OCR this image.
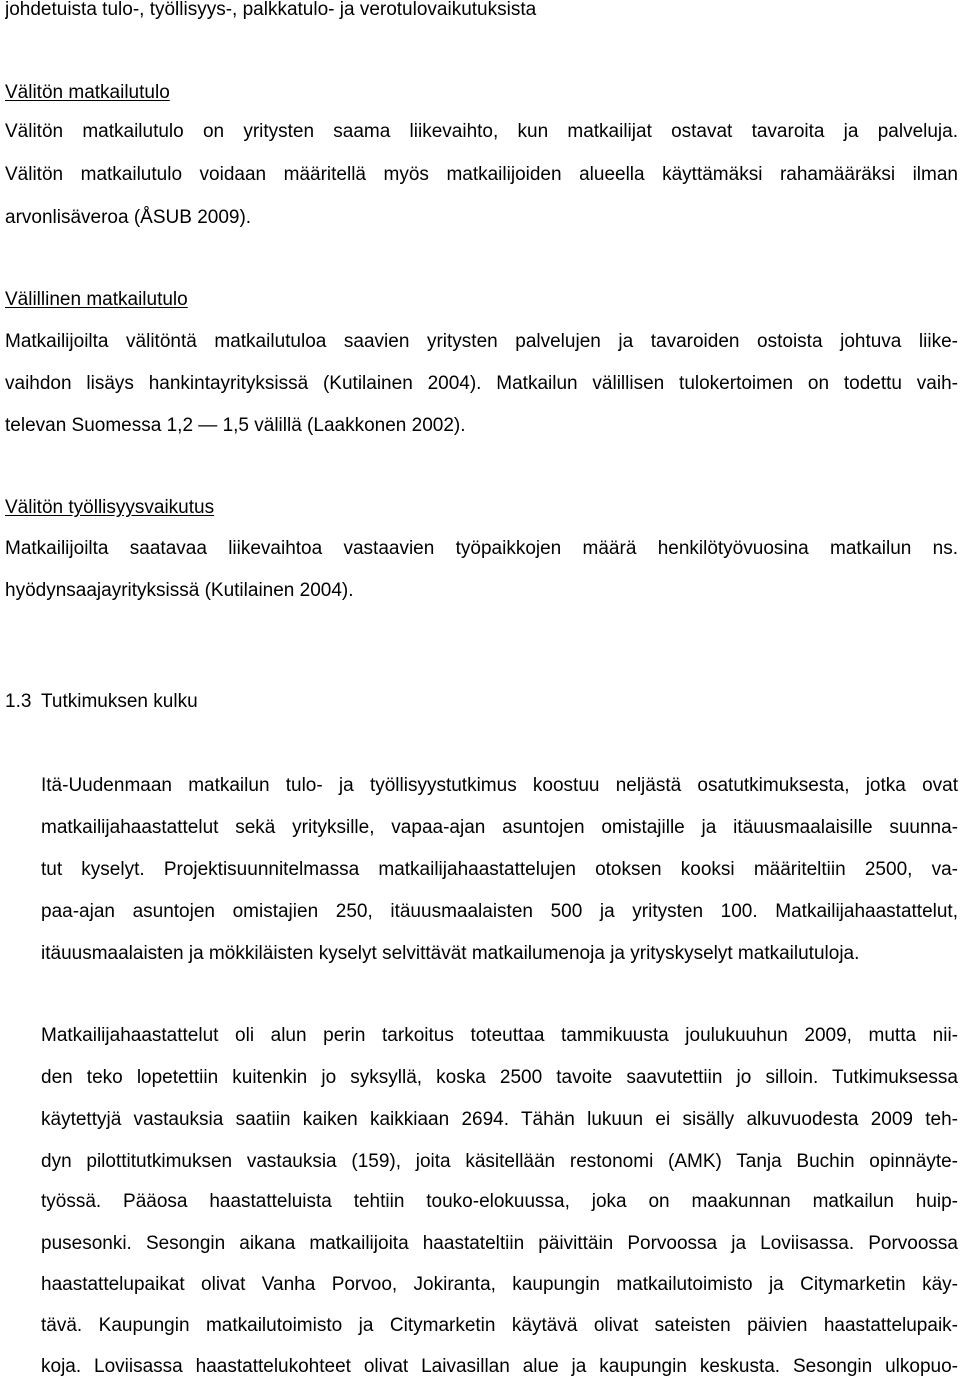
johdetuista tulo-, työllisyys-, palkkatulo- ja verotulovaikutuksista
Välitön matkailutulo
Välitön matkailutulo on yritysten saama liikevaihto, kun matkailijat ostavat tavaroita ja palveluja.
Välitön matkailutulo voidaan määritellä myös matkailijoiden alueella käyttämäksi rahamääräksi ilman
arvonlisäveroa (ÅSUB 2009).
Välillinen matkailutulo
Matkailijoilta välitöntä matkailutuloa saavien yritysten palvelujen ja tavaroiden ostoista johtuva liike-
vaihdon lisäys hankintayrityksissä (Kutilainen 2004). Matkailun välillisen tulokertoimen on todettu vaih-
televan Suomessa 1,2 — 1,5 välillä (Laakkonen 2002).
Välitön työllisyysvaikutus
Matkailijoilta saatavaa liikevaihtoa vastaavien työpaikkojen määrä henkilötyövuosina matkailun ns.
hyödynsaajayrityksissä (Kutilainen 2004).
1.3 Tutkimuksen kulku
Itä-Uudenmaan matkailun tulo- ja työllisyystutkimus koostuu neljästä osatutkimuksesta, jotka ovat
matkailijahaastattelut sekä yrityksille, vapaa-ajan asuntojen omistajille ja itäuusmaalaisille suunna-
tut kyselyt. Projektisuunnitelmassa matkailijahaastattelujen otoksen kooksi määriteltiin 2500, va-
paa-ajan asuntojen omistajien 250, itäuusmaalaisten 500 ja yritysten 100. Matkailijahaastattelut,
itäuusmaalaisten ja mökkiläisten kyselyt selvittävät matkailumenoja ja yrityskyselyt matkailutuloja.
Matkailijahaastattelut oli alun perin tarkoitus toteuttaa tammikuusta joulukuuhun 2009, mutta nii-
den teko lopetettiin kuitenkin jo syksyllä, koska 2500 tavoite saavutettiin jo silloin. Tutkimuksessa
käytettyjä vastauksia saatiin kaiken kaikkiaan 2694. Tähän lukuun ei sisälly alkuvuodesta 2009 teh-
dyn pilottitutkimuksen vastauksia (159), joita käsitellään restonomi (AMK) Tanja Buchin opinnäyte-
työssä. Pääosa haastatteluista tehtiin touko-elokuussa, joka on maakunnan matkailun huip-
pusesonki. Sesongin aikana matkailijoita haastateltiin päivittäin Porvoossa ja Loviisassa. Porvoossa
haastattelupaikat olivat Vanha Porvoo, Jokiranta, kaupungin matkailutoimisto ja Citymarketin käy-
tävä. Kaupungin matkailutoimisto ja Citymarketin käytävä olivat sateisten päivien haastattelupaik-
koja. Loviisassa haastattelukohteet olivat Laivasillan alue ja kaupungin keskusta. Sesongin ulkopuo-
